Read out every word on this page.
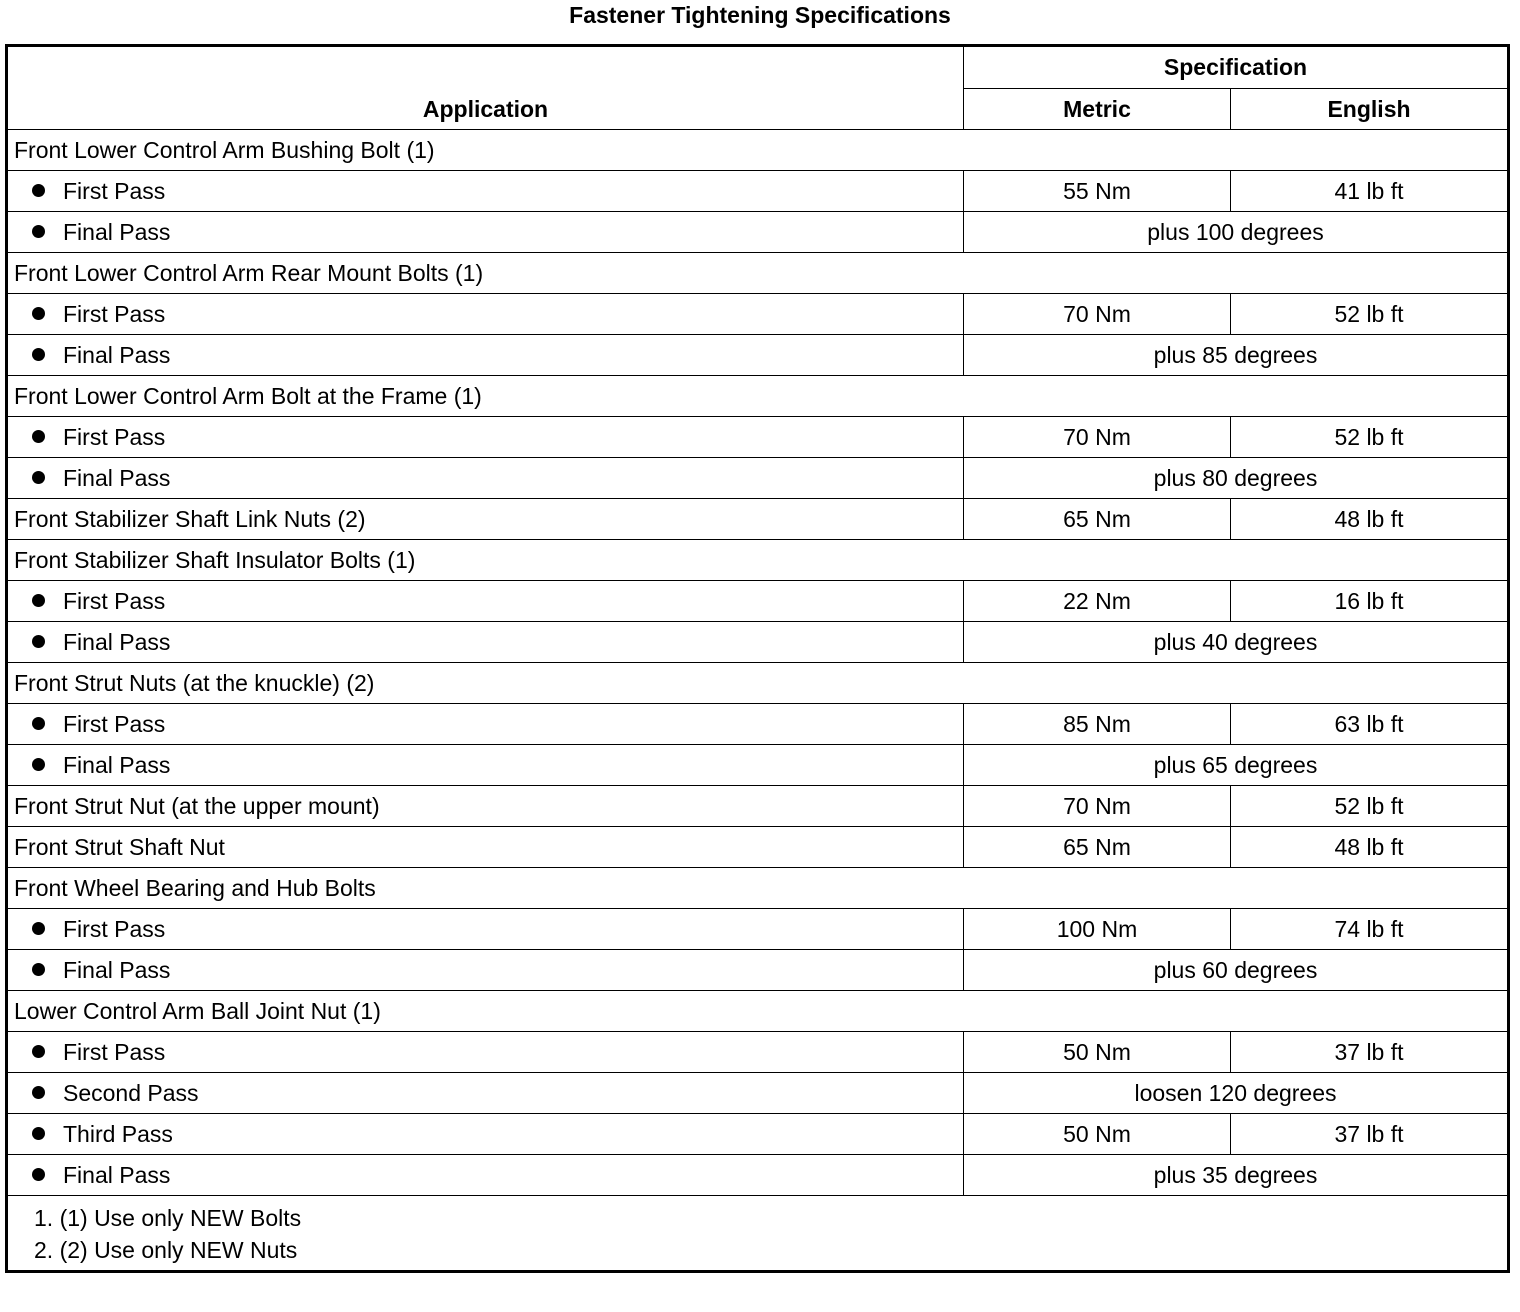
Fastener Tightening Specifications
Application	Specification	
	Metric	English
Front Lower Control Arm Bushing Bolt (1)		
First Pass	55 Nm	41 lb ft
Final Pass	plus 100 degrees	
Front Lower Control Arm Rear Mount Bolts (1)		
First Pass	70 Nm	52 lb ft
Final Pass	plus 85 degrees	
Front Lower Control Arm Bolt at the Frame (1)		
First Pass	70 Nm	52 lb ft
Final Pass	plus 80 degrees	
Front Stabilizer Shaft Link Nuts (2)	65 Nm	48 lb ft
Front Stabilizer Shaft Insulator Bolts (1)		
First Pass	22 Nm	16 lb ft
Final Pass	plus 40 degrees	
Front Strut Nuts (at the knuckle) (2)		
First Pass	85 Nm	63 lb ft
Final Pass	plus 65 degrees	
Front Strut Nut (at the upper mount)	70 Nm	52 lb ft
Front Strut Shaft Nut	65 Nm	48 lb ft
Front Wheel Bearing and Hub Bolts		
First Pass	100 Nm	74 lb ft
Final Pass	plus 60 degrees	
Lower Control Arm Ball Joint Nut (1)		
First Pass	50 Nm	37 lb ft
Second Pass	loosen 120 degrees	
Third Pass	50 Nm	37 lb ft
Final Pass	plus 35 degrees	

1. (1) Use only NEW Bolts
2. (2) Use only NEW Nuts		
